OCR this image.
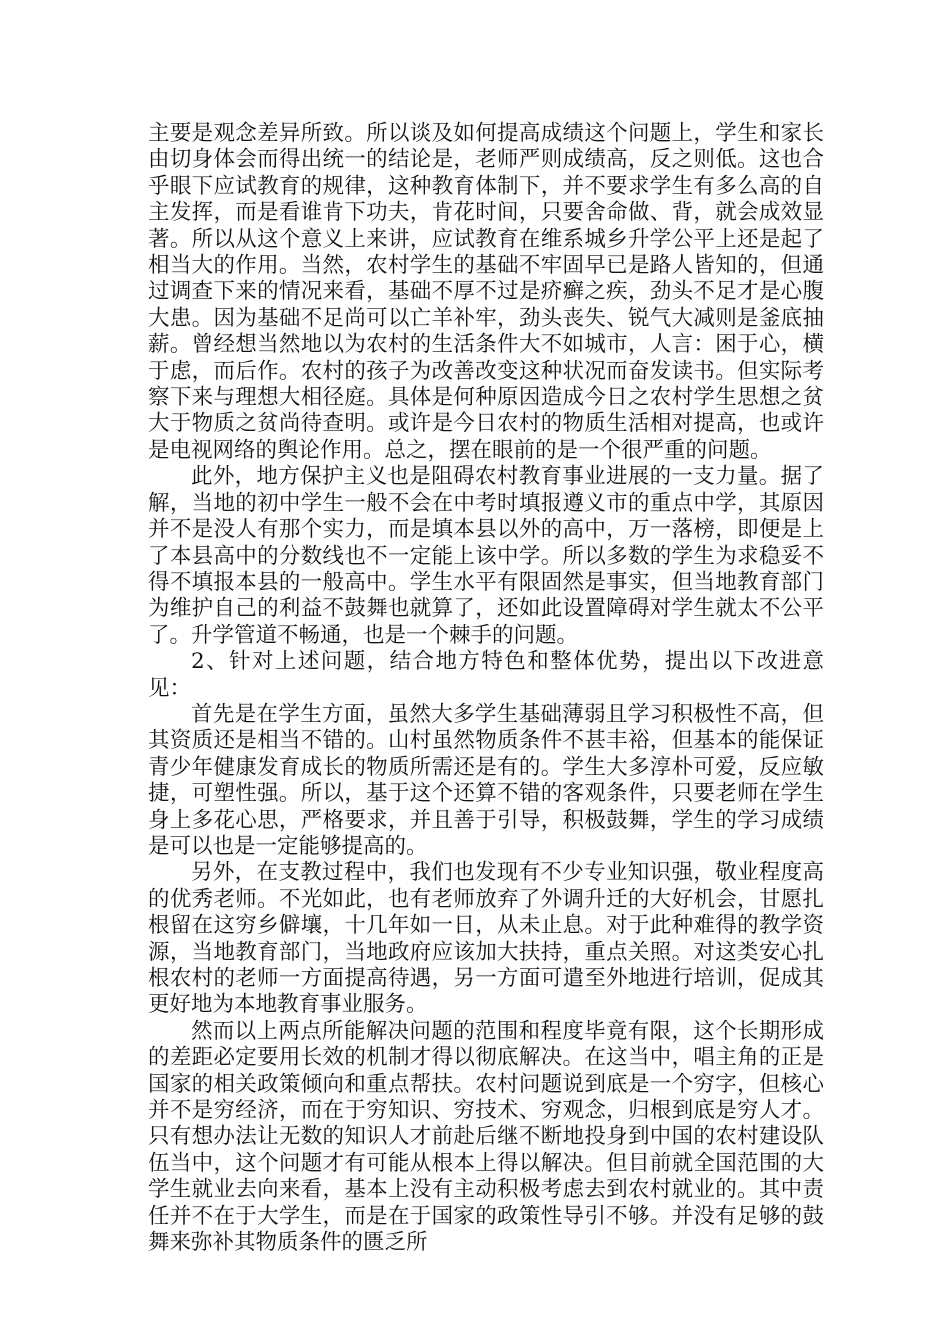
主要是观念差异所致。所以谈及如何提高成绩这个问题上，学生和家长由切身体会而得出统一的结论是，老师严则成绩高，反之则低。这也合乎眼下应试教育的规律，这种教育体制下，并不要求学生有多么高的自主发挥，而是看谁肯下功夫，肯花时间，只要舍命做、背，就会成效显著。所以从这个意义上来讲，应试教育在维系城乡升学公平上还是起了相当大的作用。当然，农村学生的基础不牢固早已是路人皆知的，但通过调查下来的情况来看，基础不厚不过是疥癣之疾，劲头不足才是心腹大患。因为基础不足尚可以亡羊补牢，劲头丧失、锐气大减则是釜底抽薪。曾经想当然地以为农村的生活条件大不如城市，人言：困于心，横于虑，而后作。农村的孩子为改善改变这种状况而奋发读书。但实际考察下来与理想大相径庭。具体是何种原因造成今日之农村学生思想之贫大于物质之贫尚待查明。或许是今日农村的物质生活相对提高，也或许是电视网络的舆论作用。总之，摆在眼前的是一个很严重的问题。

此外，地方保护主义也是阻碍农村教育事业进展的一支力量。据了解，当地的初中学生一般不会在中考时填报遵义市的重点中学，其原因并不是没人有那个实力，而是填本县以外的高中，万一落榜，即便是上了本县高中的分数线也不一定能上该中学。所以多数的学生为求稳妥不得不填报本县的一般高中。学生水平有限固然是事实，但当地教育部门为维护自己的利益不鼓舞也就算了，还如此设置障碍对学生就太不公平了。升学管道不畅通，也是一个棘手的问题。

2、针对上述问题，结合地方特色和整体优势，提出以下改进意见：

首先是在学生方面，虽然大多学生基础薄弱且学习积极性不高，但其资质还是相当不错的。山村虽然物质条件不甚丰裕，但基本的能保证青少年健康发育成长的物质所需还是有的。学生大多淳朴可爱，反应敏捷，可塑性强。所以，基于这个还算不错的客观条件，只要老师在学生身上多花心思，严格要求，并且善于引导，积极鼓舞，学生的学习成绩是可以也是一定能够提高的。

另外，在支教过程中，我们也发现有不少专业知识强，敬业程度高的优秀老师。不光如此，也有老师放弃了外调升迁的大好机会，甘愿扎根留在这穷乡僻壤，十几年如一日，从未止息。对于此种难得的教学资源，当地教育部门，当地政府应该加大扶持，重点关照。对这类安心扎根农村的老师一方面提高待遇，另一方面可遣至外地进行培训，促成其更好地为本地教育事业服务。

然而以上两点所能解决问题的范围和程度毕竟有限，这个长期形成的差距必定要用长效的机制才得以彻底解决。在这当中，唱主角的正是国家的相关政策倾向和重点帮扶。农村问题说到底是一个穷字，但核心并不是穷经济，而在于穷知识、穷技术、穷观念，归根到底是穷人才。只有想办法让无数的知识人才前赴后继不断地投身到中国的农村建设队伍当中，这个问题才有可能从根本上得以解决。但目前就全国范围的大学生就业去向来看，基本上没有主动积极考虑去到农村就业的。其中责任并不在于大学生，而是在于国家的政策性导引不够。并没有足够的鼓舞来弥补其物质条件的匮乏所
